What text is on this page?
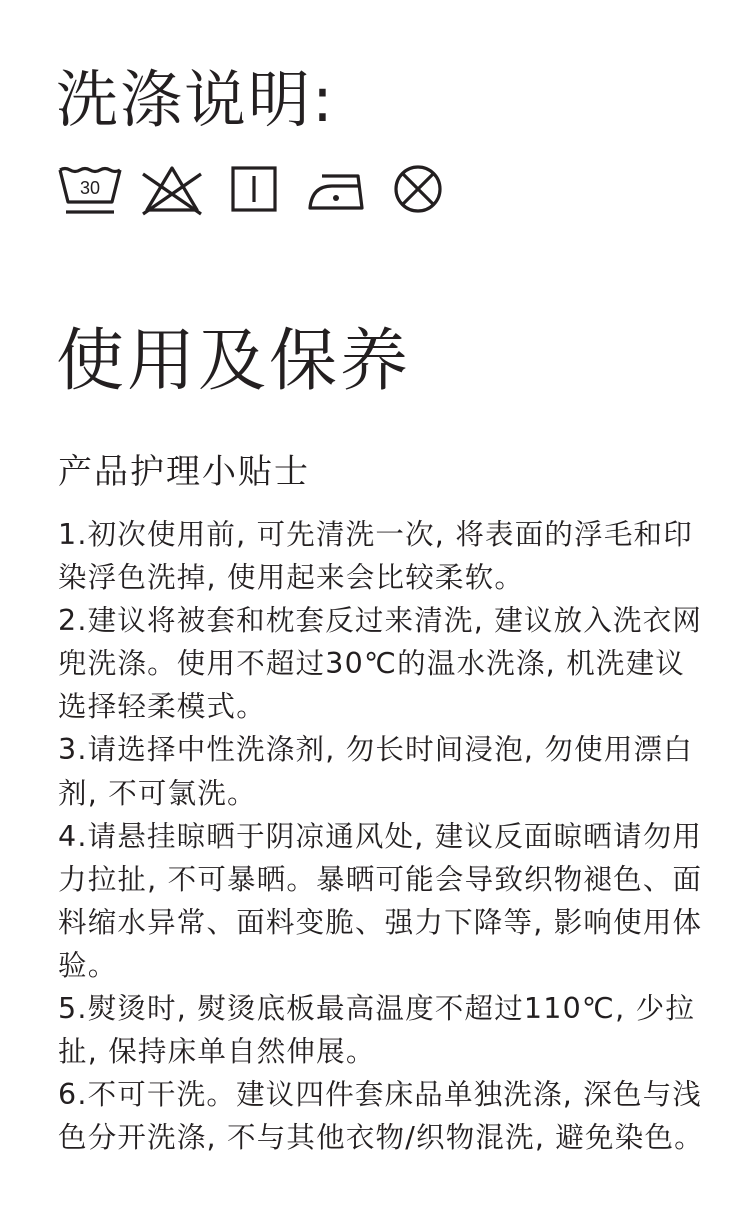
洗涤说明:
30
使用及保养
产品护理小贴士

1.初次使用前, 可先清洗一次, 将表面的浮毛和印染浮色洗掉, 使用起来会比较柔软。

2.建议将被套和枕套反过来清洗, 建议放入洗衣网兜洗涤。使用不超过30℃的温水洗涤, 机洗建议选择轻柔模式。

3.请选择中性洗涤剂, 勿长时间浸泡, 勿使用漂白剂, 不可氯洗。

4.请悬挂晾晒于阴凉通风处, 建议反面晾晒请勿用力拉扯, 不可暴晒。暴晒可能会导致织物褪色、面料缩水异常、面料变脆、强力下降等, 影响使用体验。

5.熨烫时, 熨烫底板最高温度不超过110℃, 少拉扯, 保持床单自然伸展。

6.不可干洗。建议四件套床品单独洗涤, 深色与浅色分开洗涤, 不与其他衣物/织物混洗, 避免染色。
